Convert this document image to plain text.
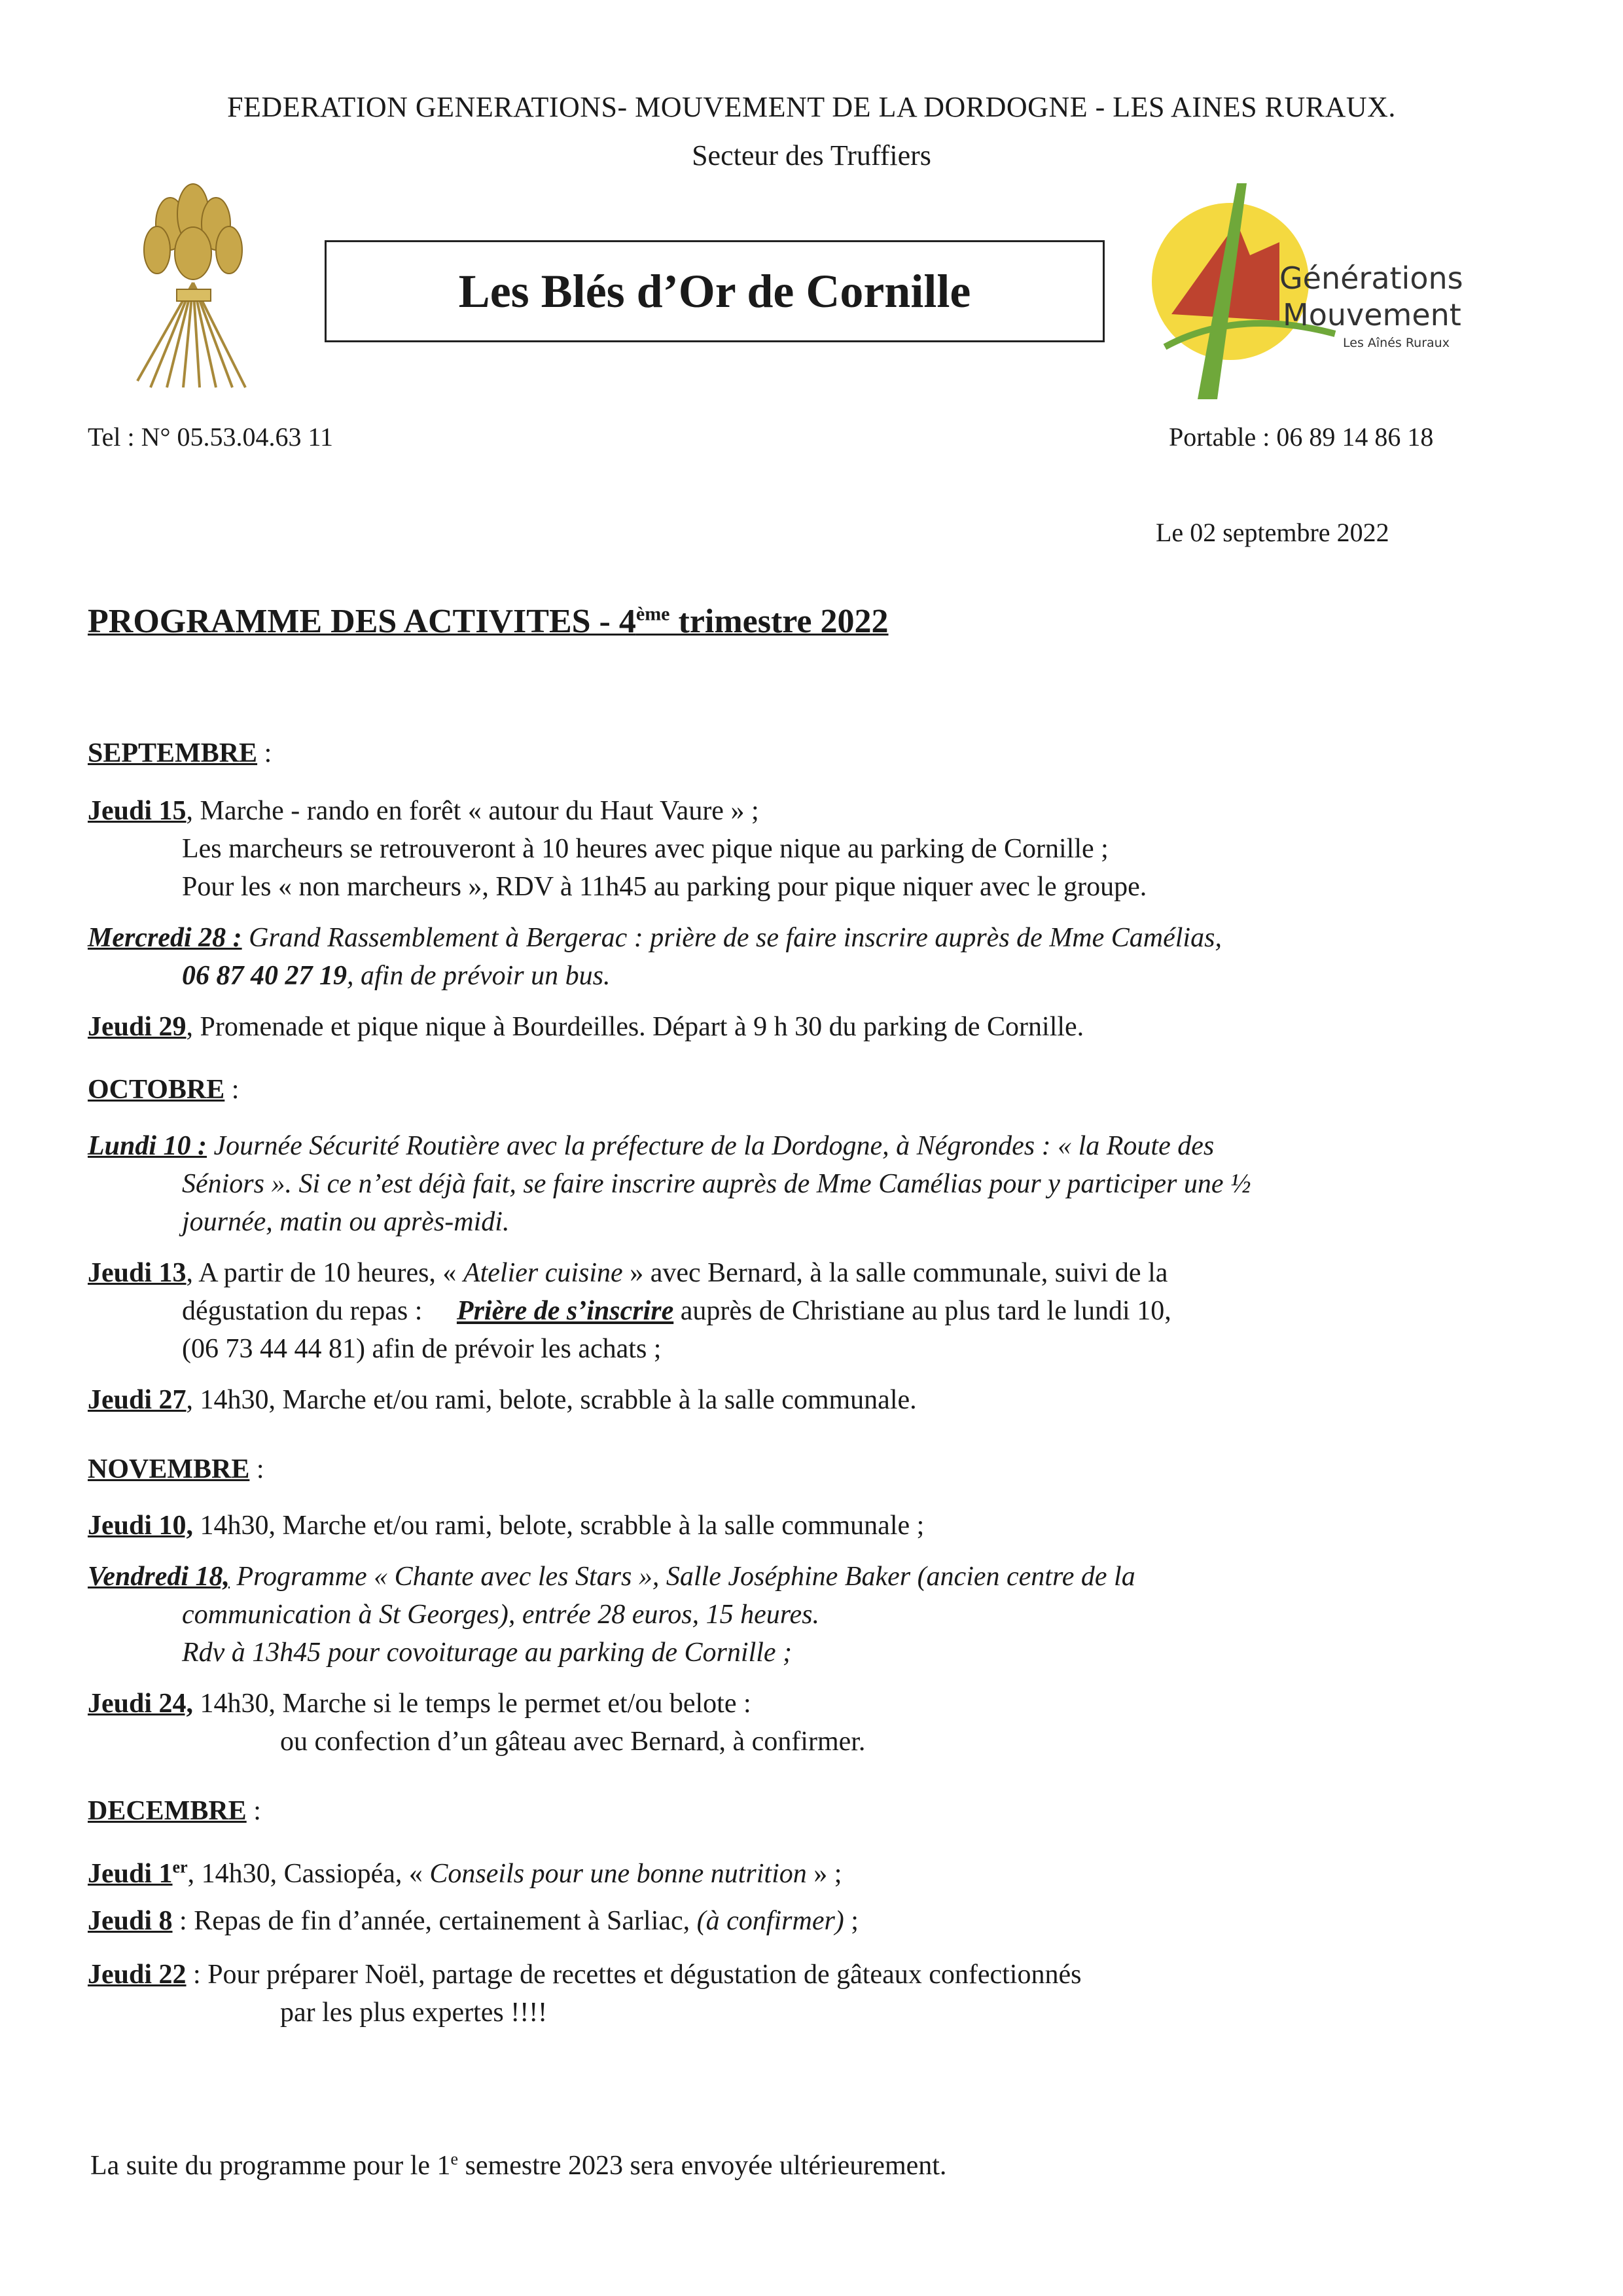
FEDERATION GENERATIONS- MOUVEMENT DE LA DORDOGNE - LES AINES RURAUX.
Secteur des Truffiers
Les Blés d’Or de Cornille	Générations
Mouvement
Les Aînés Ruraux
Tel : N° 05.53.04.63 11	Portable : 06 89 14 86 18
Le 02 septembre 2022
PROGRAMME DES ACTIVITES - 4ème trimestre 2022
SEPTEMBRE :
Jeudi 15, Marche - rando en forêt « autour du Haut Vaure » ;
Les marcheurs se retrouveront à 10 heures avec pique nique au parking de Cornille ;
Pour les « non marcheurs », RDV à 11h45 au parking pour pique niquer avec le groupe.
Mercredi 28 : Grand Rassemblement à Bergerac : prière de se faire inscrire auprès de Mme Camélias,
06 87 40 27 19, afin de prévoir un bus.
Jeudi 29, Promenade et pique nique à Bourdeilles. Départ à 9 h 30 du parking de Cornille.
OCTOBRE :
Lundi 10 : Journée Sécurité Routière avec la préfecture de la Dordogne, à Négrondes : « la Route des
Séniors ». Si ce n’est déjà fait, se faire inscrire auprès de Mme Camélias pour y participer une ½
journée, matin ou après-midi.
Jeudi 13, A partir de 10 heures, « Atelier cuisine » avec Bernard, à la salle communale, suivi de la
dégustation du repas :     Prière de s’inscrire auprès de Christiane au plus tard le lundi 10,
(06 73 44 44 81) afin de prévoir les achats ;
Jeudi 27, 14h30, Marche et/ou rami, belote, scrabble à la salle communale.
NOVEMBRE :
Jeudi 10, 14h30, Marche et/ou rami, belote, scrabble à la salle communale ;
Vendredi 18, Programme « Chante avec les Stars », Salle Joséphine Baker (ancien centre de la
communication à St Georges), entrée 28 euros, 15 heures.
Rdv à 13h45 pour covoiturage au parking de Cornille ;
Jeudi 24, 14h30, Marche si le temps le permet et/ou belote :
ou confection d’un gâteau avec Bernard, à confirmer.
DECEMBRE :
Jeudi 1er, 14h30, Cassiopéa, « Conseils pour une bonne nutrition » ;
Jeudi 8 : Repas de fin d’année, certainement à Sarliac, (à confirmer) ;
Jeudi 22 : Pour préparer Noël, partage de recettes et dégustation de gâteaux confectionnés
par les plus expertes !!!!
La suite du programme pour le 1e semestre 2023 sera envoyée ultérieurement.
